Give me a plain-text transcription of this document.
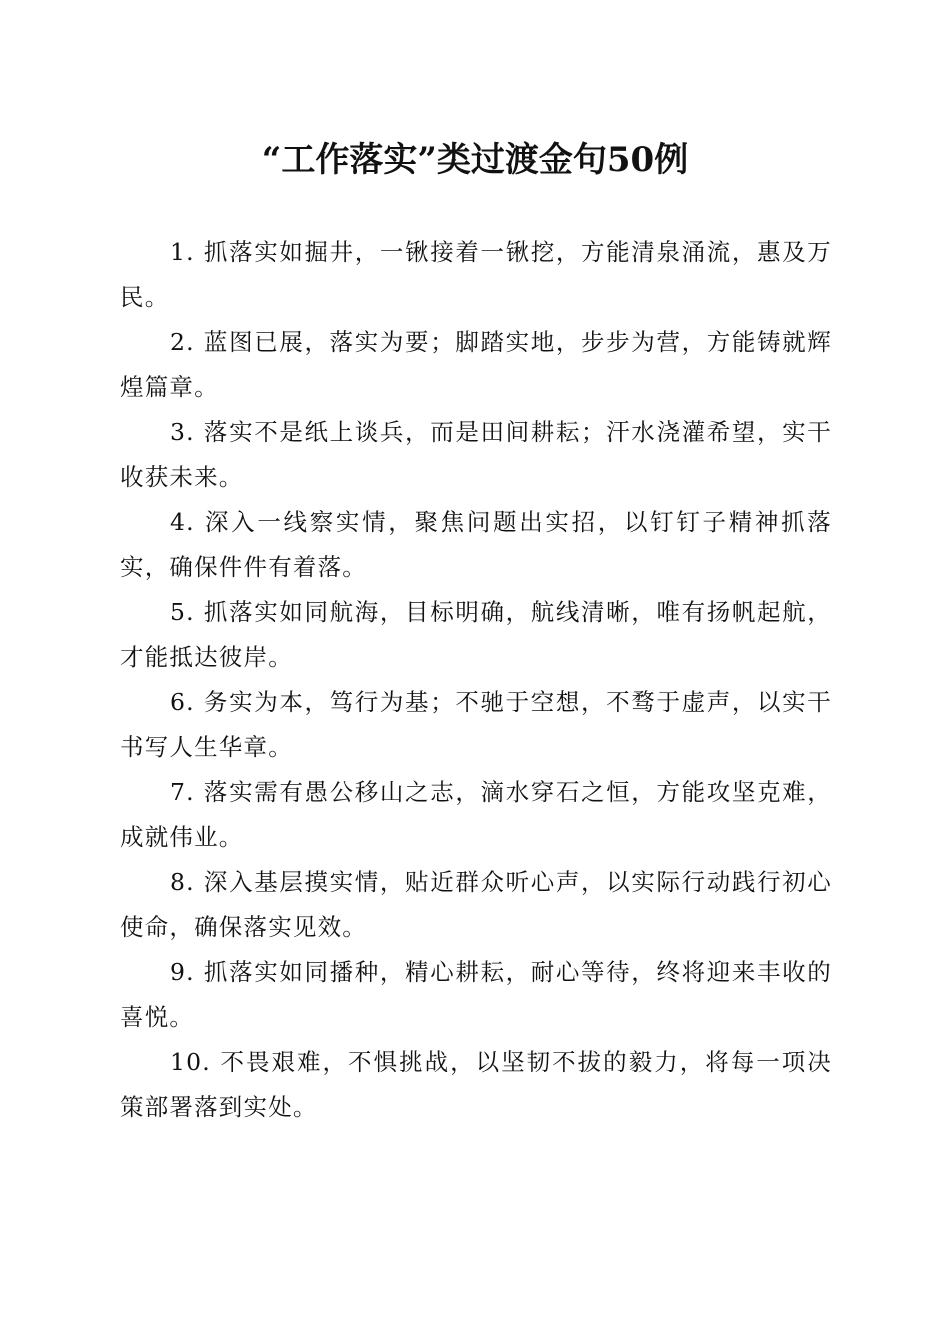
“工作落实”类过渡金句50例

1. 抓落实如掘井，一锹接着一锹挖，方能清泉涌流，惠及万民。

2. 蓝图已展，落实为要；脚踏实地，步步为营，方能铸就辉煌篇章。

3. 落实不是纸上谈兵，而是田间耕耘；汗水浇灌希望，实干收获未来。

4. 深入一线察实情，聚焦问题出实招，以钉钉子精神抓落实，确保件件有着落。

5. 抓落实如同航海，目标明确，航线清晰，唯有扬帆起航，才能抵达彼岸。

6. 务实为本，笃行为基；不驰于空想，不骛于虚声，以实干书写人生华章。

7. 落实需有愚公移山之志，滴水穿石之恒，方能攻坚克难，成就伟业。

8. 深入基层摸实情，贴近群众听心声，以实际行动践行初心使命，确保落实见效。

9. 抓落实如同播种，精心耕耘，耐心等待，终将迎来丰收的喜悦。

10. 不畏艰难，不惧挑战，以坚韧不拔的毅力，将每一项决策部署落到实处。
